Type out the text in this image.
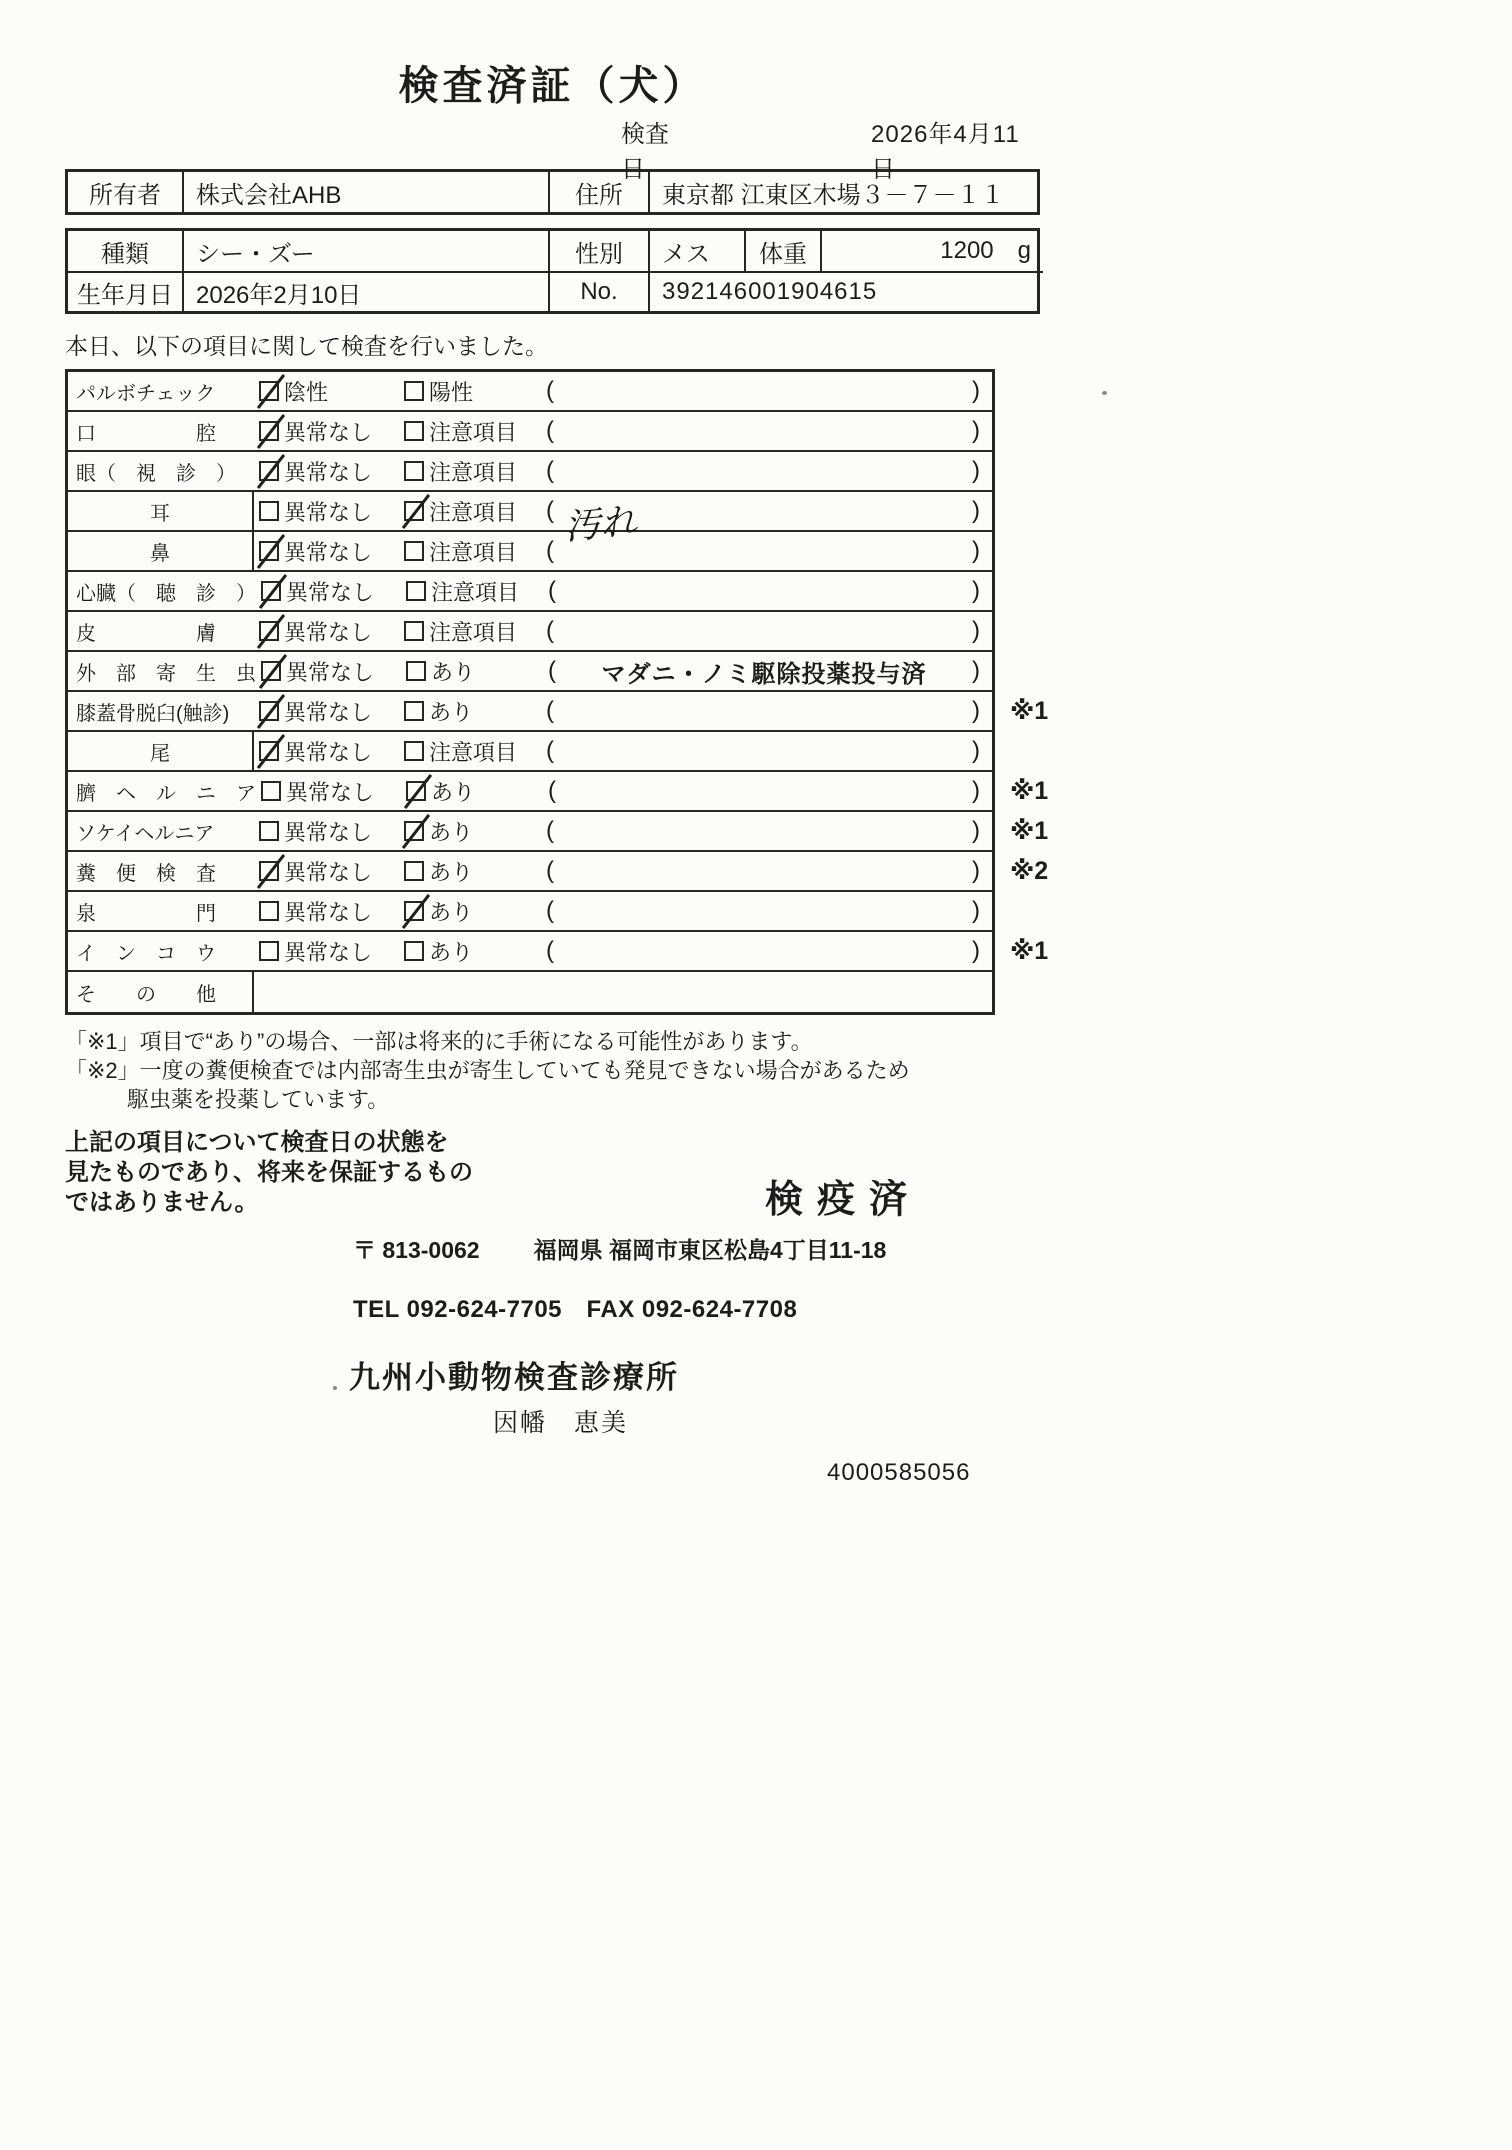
検査済証（犬）
検査日
2026年4月11日
所有者	株式会社AHB	住所	東京都 江東区木場３－７－１１
種類	シー・ズー	性別	メス	体重	1200 g
生年月日 2026年2月10日	No.	392146001904615
本日、以下の項目に関して検査を行いました。
パルボチェック	陰性	陽性	(	)
口　　　　　腔	異常なし	注意項目 (	)
眼（　視　診　）	異常なし	注意項目 (	)
耳	異常なし	注意項目 ( 汚れ	)
鼻	異常なし	注意項目 (	)
心臓（　聴　診　） 異常なし	注意項目 (	)
皮　　　　　膚	異常なし	注意項目 (	)
外　部　寄　生　虫 異常なし	あり	(	マダニ・ノミ駆除投薬投与済	)
膝蓋骨脱臼(触診)	異常なし	あり	(	) ※1
尾	異常なし	注意項目 (	)
臍　ヘ　ル　ニ　ア 異常なし	あり	(	) ※1
ソケイヘルニア	異常なし	あり	(	) ※1
糞　便　検　査	異常なし	あり	(	) ※2
泉　　　　　門	異常なし	あり	(	)
イ　ン　コ　ウ	異常なし	あり	(	) ※1
そ　　の　　他
「※1」項目で“あり”の場合、一部は将来的に手術になる可能性があります。
「※2」一度の糞便検査では内部寄生虫が寄生していても発見できない場合があるため
駆虫薬を投薬しています。
上記の項目について検査日の状態を
見たものであり、将来を保証するもの
ではありません。	検疫済
〒 813-0062 福岡県 福岡市東区松島4丁目11-18
TEL 092-624-7705　FAX 092-624-7708
九州小動物検査診療所
因幡　恵美
4000585056
